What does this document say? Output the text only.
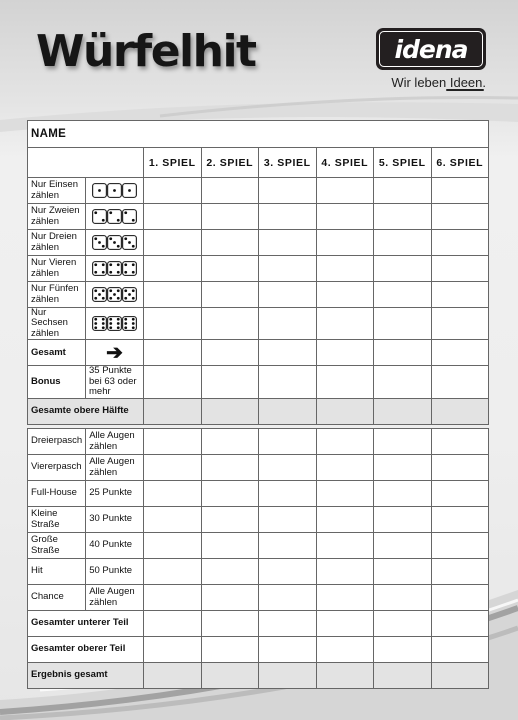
Würfelhit	idena
Wir leben Ideen.
NAME							
		1. SPIEL	2. SPIEL	3. SPIEL	4. SPIEL	5. SPIEL	6. SPIEL
Nur Einsen zählen							
Nur Zweien zählen							
Nur Dreien zählen							
Nur Vieren zählen							
Nur Fünfen zählen							
Nur Sechsen zählen							
Gesamt	➔						
Bonus	35 Punkte bei 63 oder mehr						
Gesamte obere Hälfte							
Dreierpasch	Alle Augen zählen						
Viererpasch	Alle Augen zählen						
Full-House	25 Punkte						
Kleine Straße	30 Punkte						
Große Straße	40 Punkte						
Hit	50 Punkte						
Chance	Alle Augen zählen						
Gesamter unterer Teil							
Gesamter oberer Teil							
Ergebnis gesamt							
